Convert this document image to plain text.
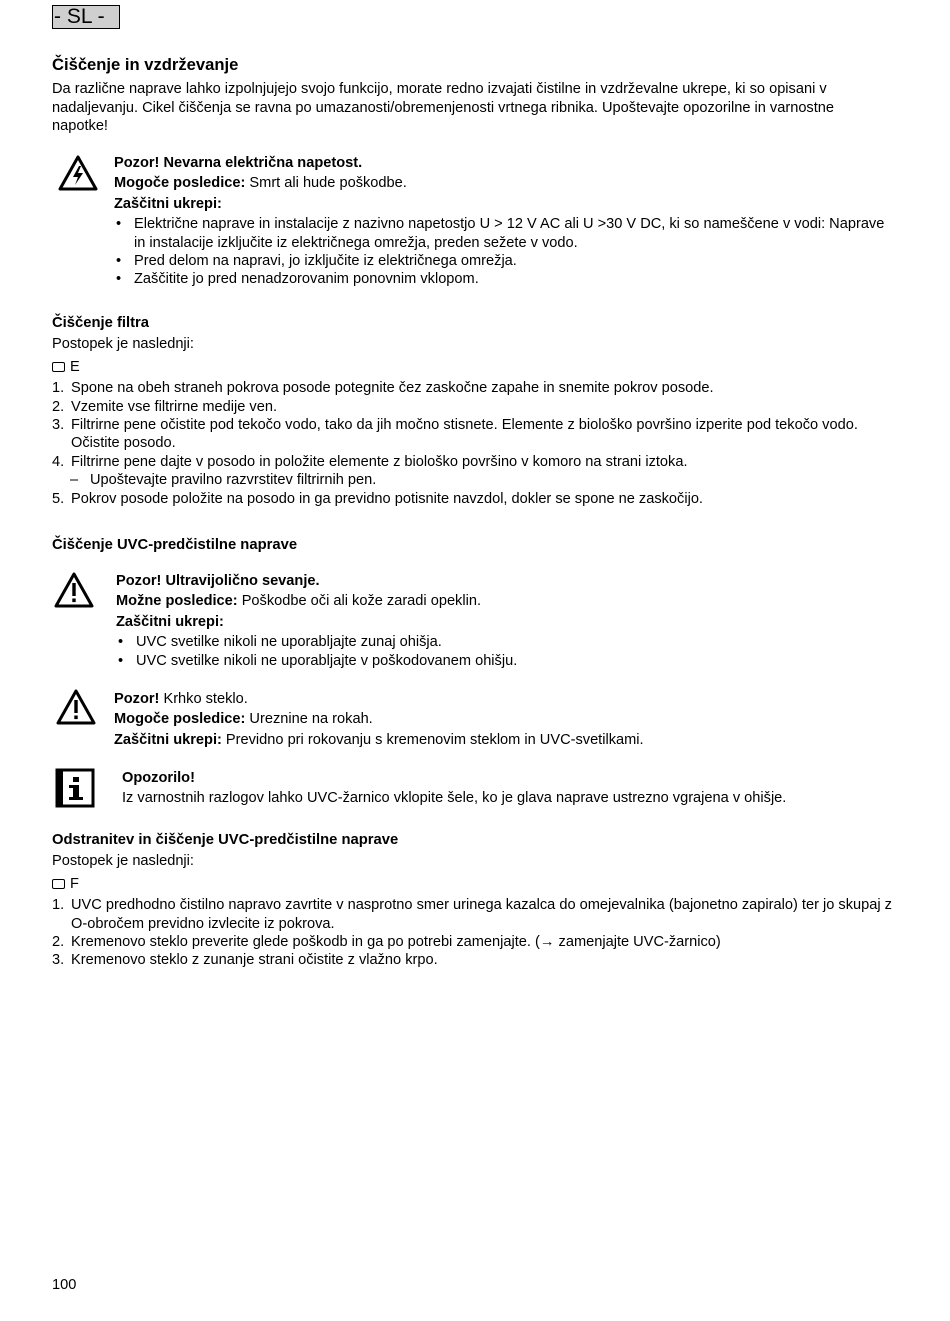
- SL -
Čiščenje in vzdrževanje

Da različne naprave lahko izpolnjujejo svojo funkcijo, morate redno izvajati čistilne in vzdrževalne ukrepe, ki so opisani v nadaljevanju. Cikel čiščenja se ravna po umazanosti/obremenjenosti vrtnega ribnika. Upoštevajte opozorilne in varnostne napotke!

Pozor! Nevarna električna napetost.

Mogoče posledice: Smrt ali hude poškodbe.

Zaščitni ukrepi:

• Električne naprave in instalacije z nazivno napetostjo U > 12 V AC ali U >30 V DC, ki so nameščene v vodi: Naprave in instalacije izklјučite iz električnega omrežja, preden sežete v vodo.
• Pred delom na napravi, jo izklјučite iz električnega omrežja.
• Zaščitite jo pred nenadzorovanim ponovnim vklopom.
Čiščenje filtra

Postopek je naslednji:

E
1. Spone na obeh straneh pokrova posode potegnite čez zaskočne zapahe in snemite pokrov posode.
2. Vzemite vse filtrirne medije ven.
3. Filtrirne pene očistite pod tekočo vodo, tako da jih močno stisnete. Elemente z biološko površino izperite pod tekočo vodo. Očistite posodo.
4. Filtrirne pene dajte v posodo in položite elemente z biološko površino v komoro na strani iztoka.
– Upoštevajte pravilno razvrstitev filtrirnih pen.
5. Pokrov posode položite na posodo in ga previdno potisnite navzdol, dokler se spone ne zaskočijo.
Čiščenje UVC-predčistilne naprave

Pozor! Ultravijolično sevanje.

Možne posledice: Poškodbe oči ali kože zaradi opeklin.

Zaščitni ukrepi:

• UVC svetilke nikoli ne uporabljajte zunaj ohišja.
• UVC svetilke nikoli ne uporabljajte v poškodovanem ohišju.

Pozor! Krhko steklo.

Mogoče posledice: Ureznine na rokah.

Zaščitni ukrepi: Previdno pri rokovanju s kremenovim steklom in UVC-svetilkami.

Opozorilo!

Iz varnostnih razlogov lahko UVC-žarnico vklopite šele, ko je glava naprave ustrezno vgrajena v ohišje.

Odstranitev in čiščenje UVC-predčistilne naprave

Postopek je naslednji:

F
1. UVC predhodno čistilno napravo zavrtite v nasprotno smer urinega kazalca do omejevalnika (bajonetno zapiralo) ter jo skupaj z O-obročem previdno izvlecite iz pokrova.
2. Kremenovo steklo preverite glede poškodb in ga po potrebi zamenjajte. (→ zamenjajte UVC-žarnico)
3. Kremenovo steklo z zunanje strani očistite z vlažno krpo.
100
